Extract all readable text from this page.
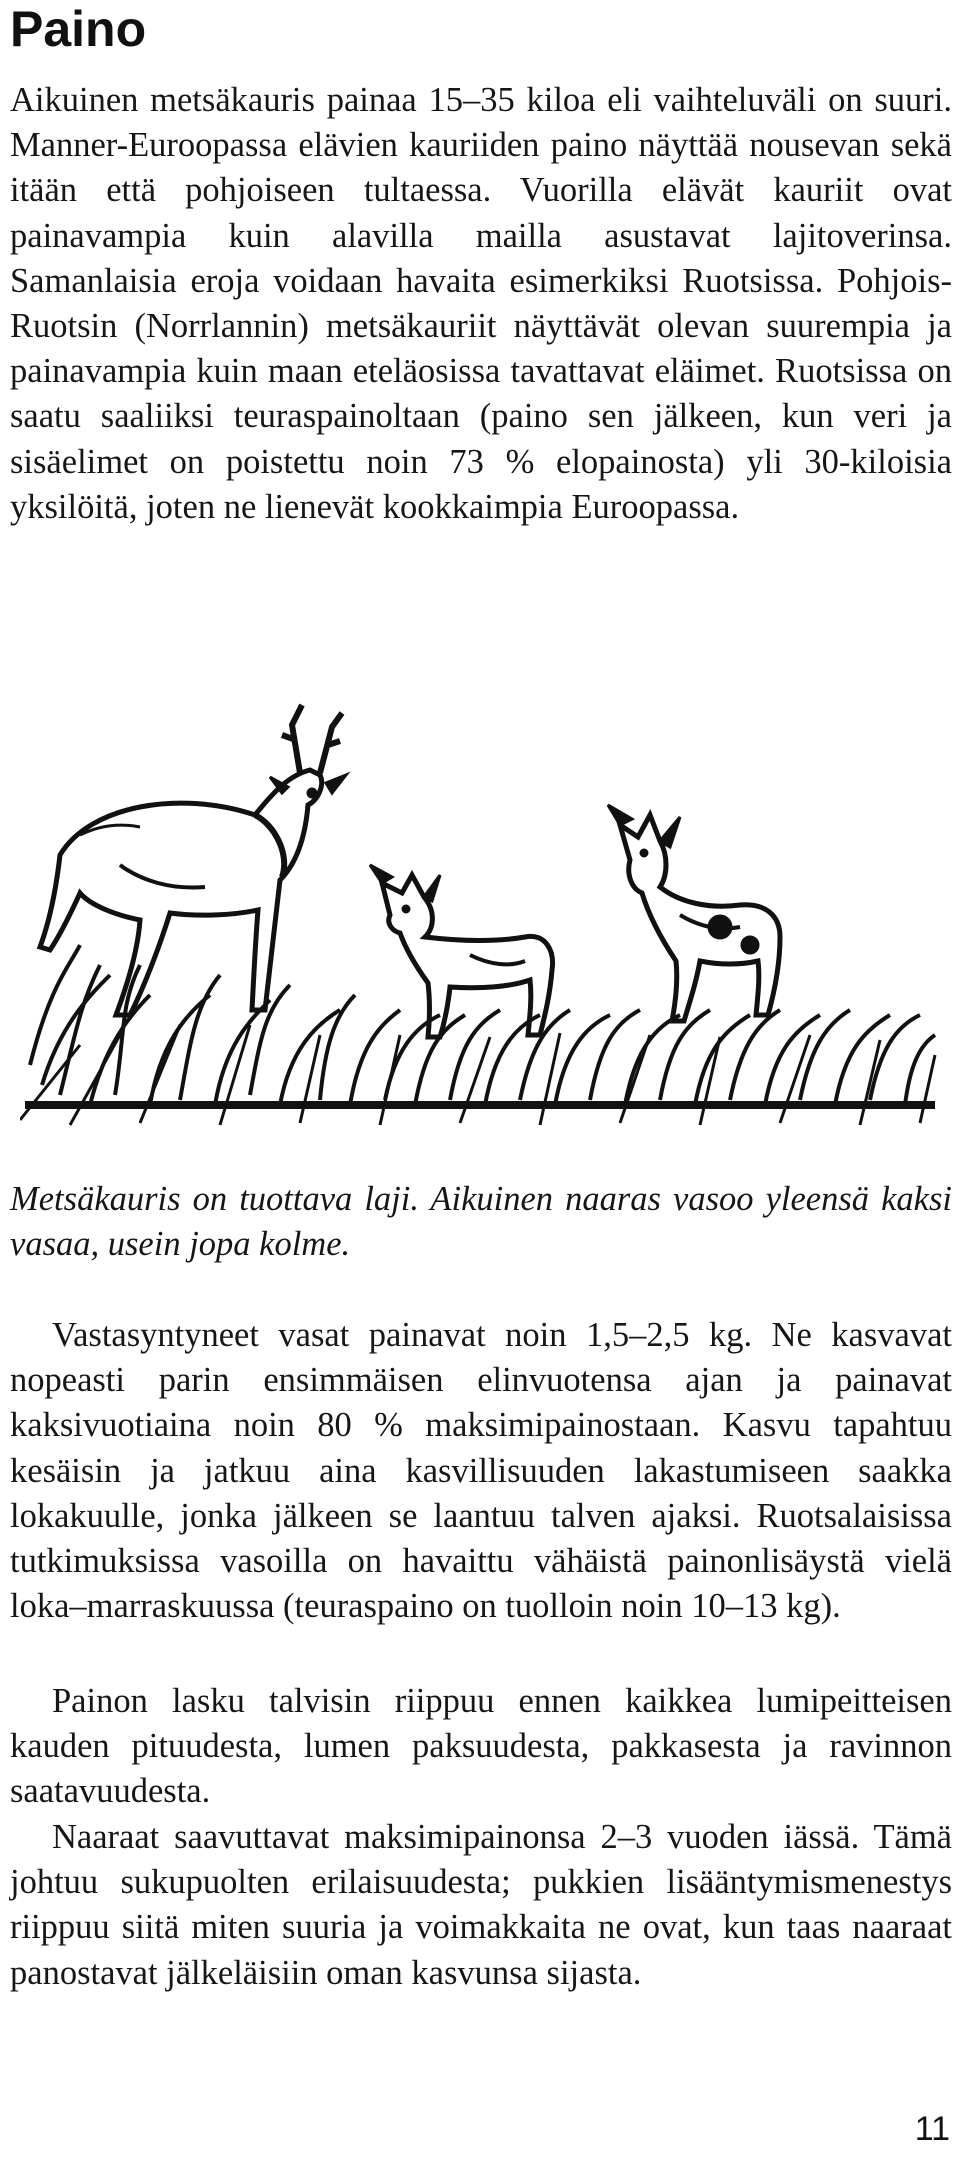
Paino

Aikuinen metsäkauris painaa 15–35 kiloa eli vaihteluväli on suuri. Manner-Euroopassa elävien kauriiden paino näyttää nousevan sekä itään että pohjoiseen tultaessa. Vuorilla elävät kauriit ovat painavampia kuin alavilla mailla asustavat lajitoverinsa. Samanlaisia eroja voidaan havaita esimerkiksi Ruotsissa. Pohjois-Ruotsin (Norrlannin) metsäkauriit näyttävät olevan suurempia ja painavampia kuin maan eteläosissa tavattavat eläimet. Ruotsissa on saatu saaliiksi teuraspainoltaan (paino sen jälkeen, kun veri ja sisäelimet on poistettu noin 73 % elopainosta) yli 30-kiloisia yksilöitä, joten ne lienevät kookkaimpia Euroopassa.

Metsäkauris on tuottava laji. Aikuinen naaras vasoo yleensä kaksi vasaa, usein jopa kolme.

Vastasyntyneet vasat painavat noin 1,5–2,5 kg. Ne kasvavat nopeasti parin ensimmäisen elinvuotensa ajan ja painavat kaksivuotiaina noin 80 % maksimipainostaan. Kasvu tapahtuu kesäisin ja jatkuu aina kasvillisuuden lakastumiseen saakka lokakuulle, jonka jälkeen se laantuu talven ajaksi. Ruotsalaisissa tutkimuksissa vasoilla on havaittu vähäistä painonlisäystä vielä loka–marraskuussa (teuraspaino on tuolloin noin 10–13 kg).

Painon lasku talvisin riippuu ennen kaikkea lumipeitteisen kauden pituudesta, lumen paksuudesta, pakkasesta ja ravinnon saatavuudesta.

Naaraat saavuttavat maksimipainonsa 2–3 vuoden iässä. Tämä johtuu sukupuolten erilaisuudesta; pukkien lisääntymismenestys riippuu siitä miten suuria ja voimakkaita ne ovat, kun taas naaraat panostavat jälkeläisiin oman kasvunsa sijasta.

11
